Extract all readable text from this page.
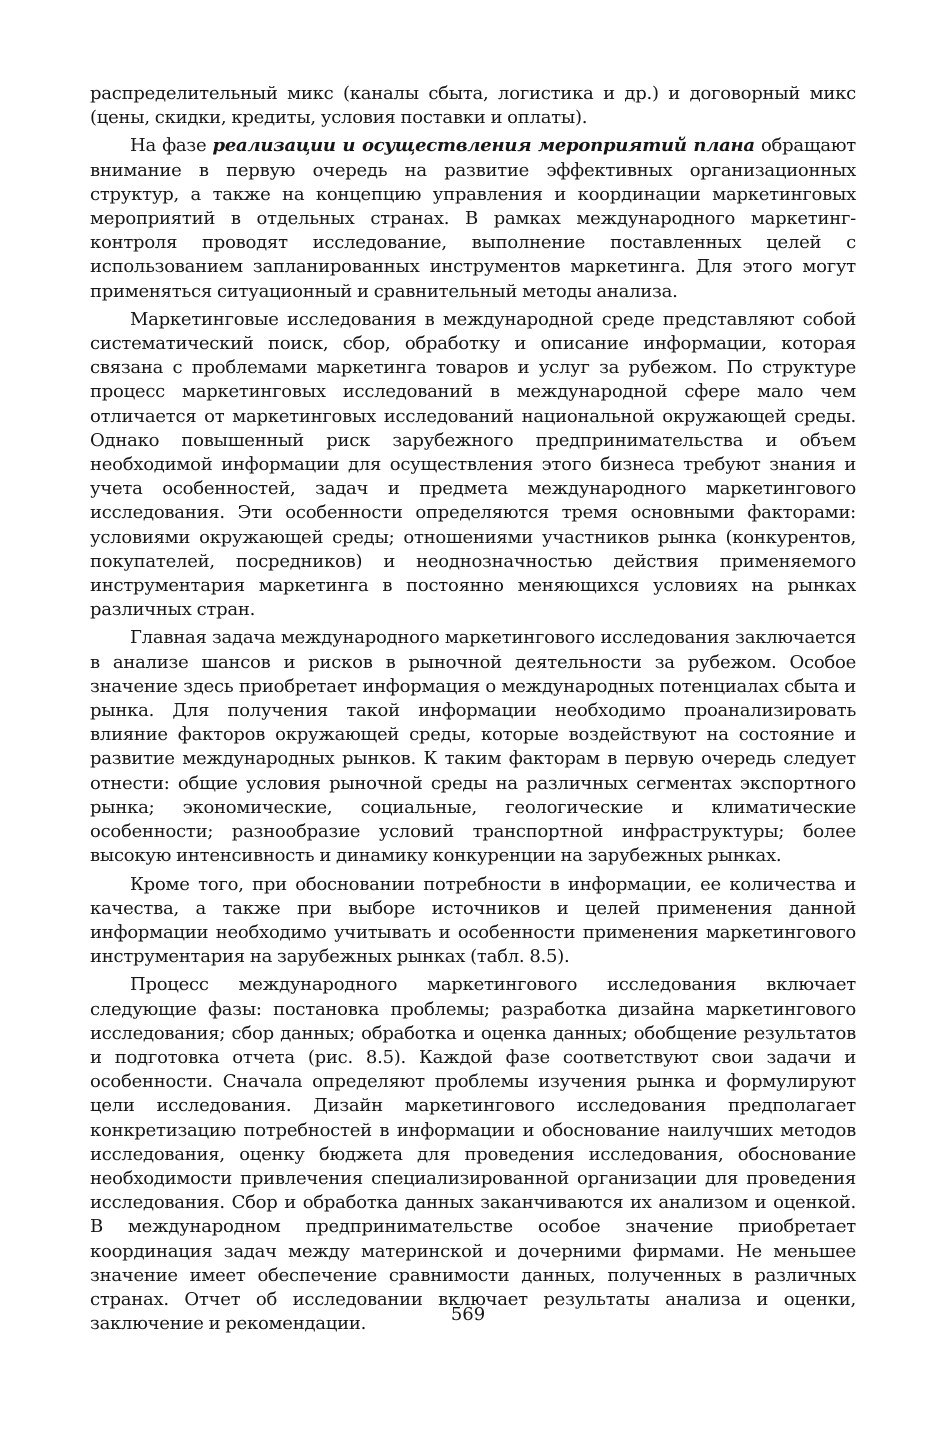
распределительный микс (каналы сбыта, логистика и др.) и договорный микс (цены, скидки, кредиты, условия поставки и оплаты).

На фазе реализации и осуществления мероприятий плана обращают внимание в первую очередь на развитие эффективных организационных структур, а также на концепцию управления и координации маркетинговых мероприятий в отдельных странах. В рамках международного маркетинг-контроля проводят исследование, выполнение поставленных целей с использованием запланированных инструментов маркетинга. Для этого могут применяться ситуационный и сравнительный методы анализа.

Маркетинговые исследования в международной среде представляют собой систематический поиск, сбор, обработку и описание информации, которая связана с проблемами маркетинга товаров и услуг за рубежом. По структуре процесс маркетинговых исследований в международной сфере мало чем отличается от маркетинговых исследований национальной окружающей среды. Однако повышенный риск зарубежного предпринимательства и объем необходимой информации для осуществления этого бизнеса требуют знания и учета особенностей, задач и предмета международного маркетингового исследования. Эти особенности определяются тремя основными факторами: условиями окружающей среды; отношениями участников рынка (конкурентов, покупателей, посредников) и неоднозначностью действия применяемого инструментария маркетинга в постоянно меняющихся условиях на рынках различных стран.

Главная задача международного маркетингового исследования заключается в анализе шансов и рисков в рыночной деятельности за рубежом. Особое значение здесь приобретает информация о международных потенциалах сбыта и рынка. Для получения такой информации необходимо проанализировать влияние факторов окружающей среды, которые воздействуют на состояние и развитие международных рынков. К таким факторам в первую очередь следует отнести: общие условия рыночной среды на различных сегментах экспортного рынка; экономические, социальные, геологические и климатические особенности; разнообразие условий транспортной инфраструктуры; более высокую интенсивность и динамику конкуренции на зарубежных рынках.

Кроме того, при обосновании потребности в информации, ее количества и качества, а также при выборе источников и целей применения данной информации необходимо учитывать и особенности применения маркетингового инструментария на зарубежных рынках (табл. 8.5).

Процесс международного маркетингового исследования включает следующие фазы: постановка проблемы; разработка дизайна маркетингового исследования; сбор данных; обработка и оценка данных; обобщение результатов и подготовка отчета (рис. 8.5). Каждой фазе соответствуют свои задачи и особенности. Сначала определяют проблемы изучения рынка и формулируют цели исследования. Дизайн маркетингового исследования предполагает конкретизацию потребностей в информации и обоснование наилучших методов исследования, оценку бюджета для проведения исследования, обоснование необходимости привлечения специализированной организации для проведения исследования. Сбор и обработка данных заканчиваются их анализом и оценкой. В международном предпринимательстве особое значение приобретает координация задач между материнской и дочерними фирмами. Не меньшее значение имеет обеспечение сравнимости данных, полученных в различных странах. Отчет об исследовании включает результаты анализа и оценки, заключение и рекомендации.	569
